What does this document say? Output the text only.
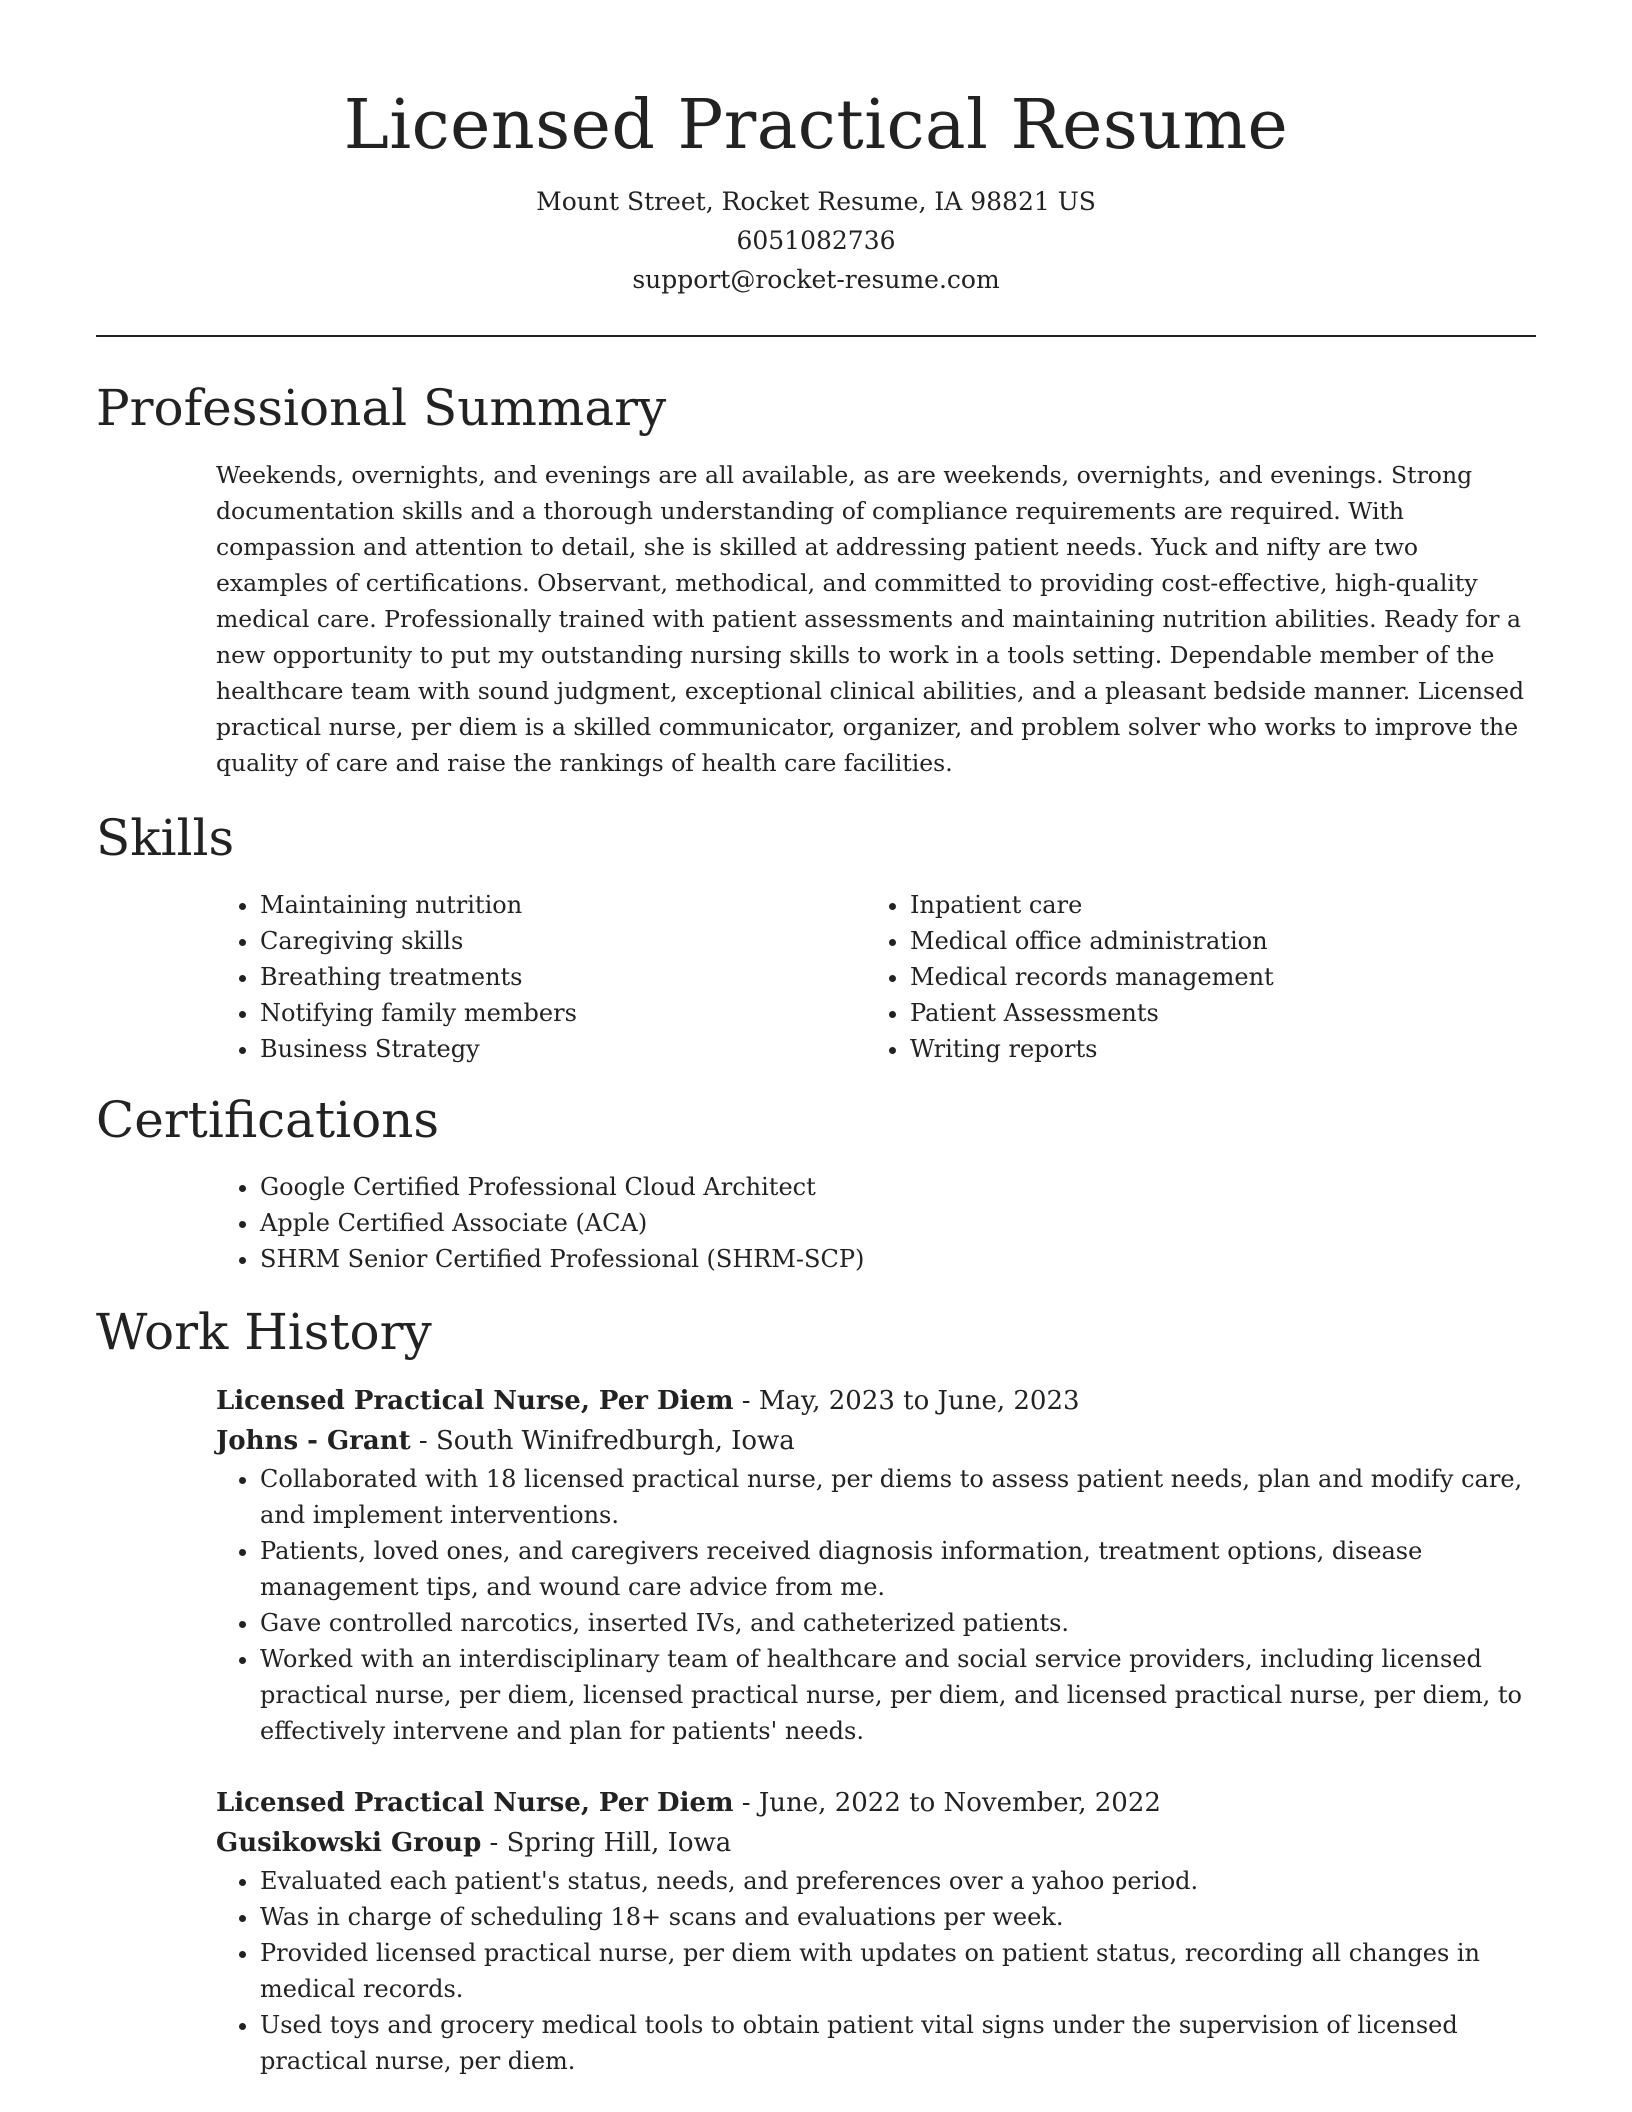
Licensed Practical Resume
Mount Street, Rocket Resume, IA 98821 US
6051082736
support@rocket-resume.com
Professional Summary

Weekends, overnights, and evenings are all available, as are weekends, overnights, and evenings. Strong documentation skills and a thorough understanding of compliance requirements are required. With compassion and attention to detail, she is skilled at addressing patient needs. Yuck and nifty are two examples of certifications. Observant, methodical, and committed to providing cost-effective, high-quality medical care. Professionally trained with patient assessments and maintaining nutrition abilities. Ready for a new opportunity to put my outstanding nursing skills to work in a tools setting. Dependable member of the healthcare team with sound judgment, exceptional clinical abilities, and a pleasant bedside manner. Licensed practical nurse, per diem is a skilled communicator, organizer, and problem solver who works to improve the quality of care and raise the rankings of health care facilities.

Skills
• Maintaining nutrition
• Caregiving skills
• Breathing treatments
• Notifying family members
• Business Strategy
• Inpatient care
• Medical office administration
• Medical records management
• Patient Assessments
• Writing reports
Certifications
• Google Certified Professional Cloud Architect
• Apple Certified Associate (ACA)
• SHRM Senior Certified Professional (SHRM-SCP)
Work History
Licensed Practical Nurse, Per Diem - May, 2023 to June, 2023
Johns - Grant - South Winifredburgh, Iowa
• Collaborated with 18 licensed practical nurse, per diems to assess patient needs, plan and modify care, and implement interventions.
• Patients, loved ones, and caregivers received diagnosis information, treatment options, disease management tips, and wound care advice from me.
• Gave controlled narcotics, inserted IVs, and catheterized patients.
• Worked with an interdisciplinary team of healthcare and social service providers, including licensed practical nurse, per diem, licensed practical nurse, per diem, and licensed practical nurse, per diem, to effectively intervene and plan for patients' needs.
Licensed Practical Nurse, Per Diem - June, 2022 to November, 2022
Gusikowski Group - Spring Hill, Iowa
• Evaluated each patient's status, needs, and preferences over a yahoo period.
• Was in charge of scheduling 18+ scans and evaluations per week.
• Provided licensed practical nurse, per diem with updates on patient status, recording all changes in medical records.
• Used toys and grocery medical tools to obtain patient vital signs under the supervision of licensed practical nurse, per diem.
